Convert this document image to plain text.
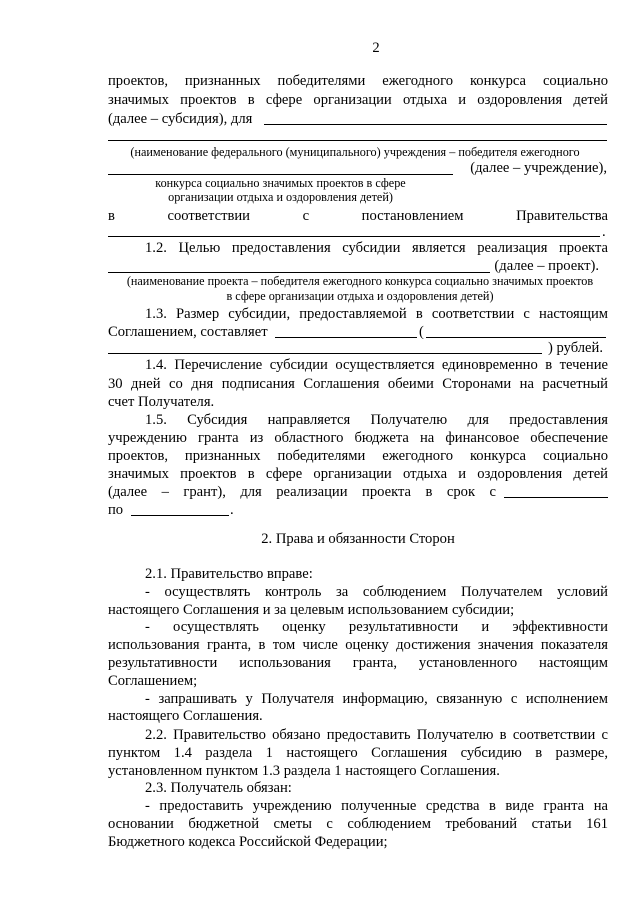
2
проектов, признанных победителями ежегодного конкурса социально
значимых проектов в сфере организации отдыха и оздоровления детей
(далее – субсидия), для
(наименование федерального (муниципального) учреждения – победителя ежегодного
(далее – учреждение),
конкурса социально значимых проектов в сфере
организации отдыха и оздоровления детей)
в	соответствии	с	постановлением	Правительства
.
1.2. Целью предоставления субсидии является реализация проекта
(далее – проект).
(наименование проекта – победителя ежегодного конкурса социально значимых проектов
в сфере организации отдыха и оздоровления детей)
1.3. Размер субсидии, предоставляемой в соответствии с настоящим
Соглашением, составляет	(
) рублей.
1.4. Перечисление субсидии осуществляется единовременно в течение
30 дней со дня подписания Соглашения обеими Сторонами на расчетный
счет Получателя.
1.5. Субсидия направляется Получателю для предоставления
учреждению гранта из областного бюджета на финансовое обеспечение
проектов, признанных победителями ежегодного конкурса социально
значимых проектов в сфере организации отдыха и оздоровления детей
(далее – грант), для реализации проекта в срок с
по	.
2. Права и обязанности Сторон
2.1. Правительство вправе:
- осуществлять контроль за соблюдением Получателем условий
настоящего Соглашения и за целевым использованием субсидии;
- осуществлять оценку результативности и эффективности
использования гранта, в том числе оценку достижения значения показателя
результативности использования гранта, установленного настоящим
Соглашением;
- запрашивать у Получателя информацию, связанную с исполнением
настоящего Соглашения.
2.2. Правительство обязано предоставить Получателю в соответствии с
пунктом 1.4 раздела 1 настоящего Соглашения субсидию в размере,
установленном пунктом 1.3 раздела 1 настоящего Соглашения.
2.3. Получатель обязан:
- предоставить учреждению полученные средства в виде гранта на
основании бюджетной сметы с соблюдением требований статьи 161
Бюджетного кодекса Российской Федерации;
